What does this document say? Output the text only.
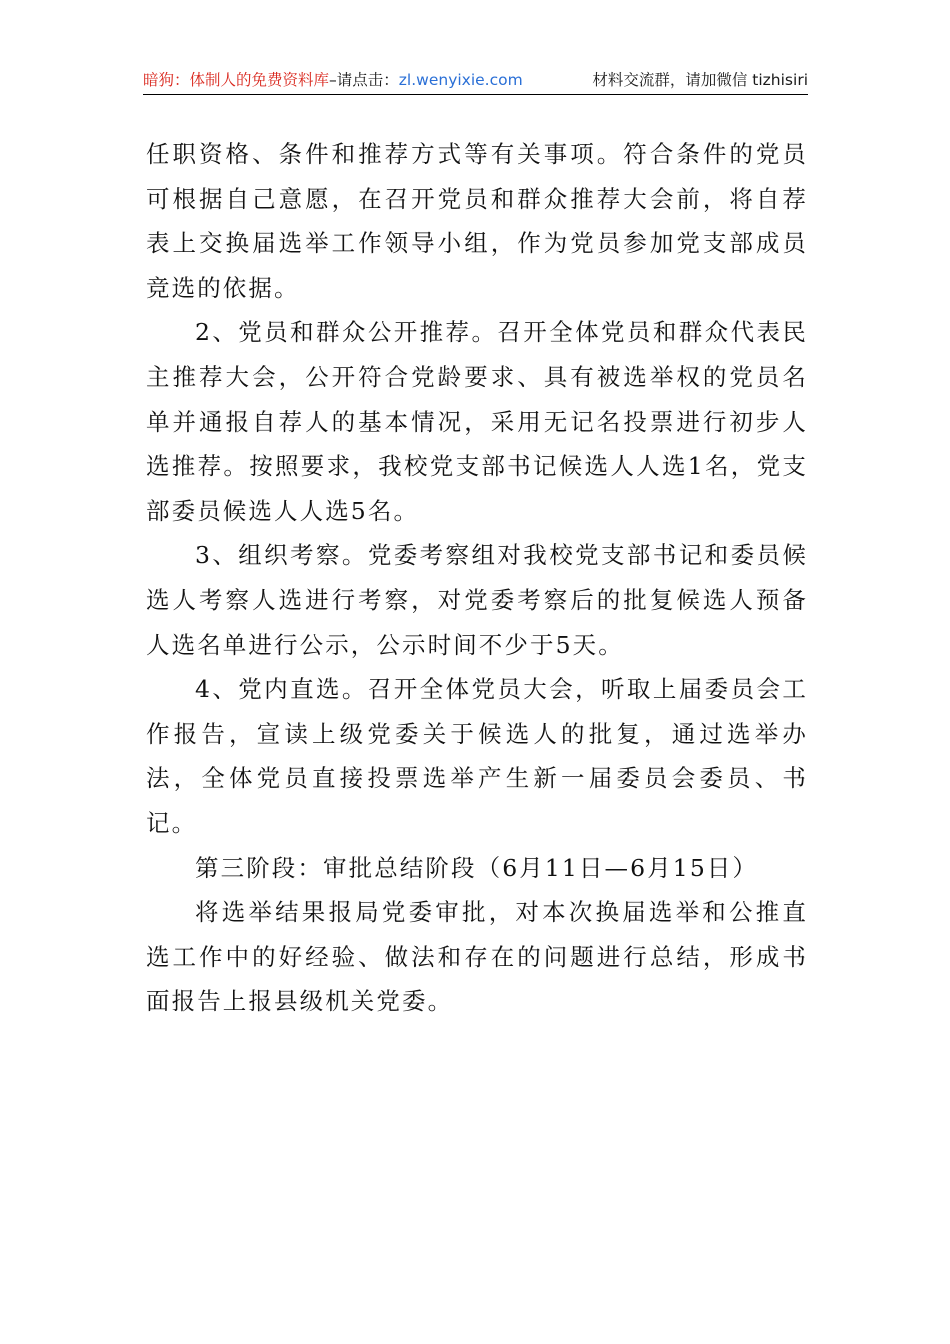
暗狗：体制人的免费资料库–请点击：zl.wenyixie.com	材料交流群，请加微信 tizhisiri

任职资格、条件和推荐方式等有关事项。符合条件的党员可根据自己意愿，在召开党员和群众推荐大会前，将自荐表上交换届选举工作领导小组，作为党员参加党支部成员竞选的依据。

2、党员和群众公开推荐。召开全体党员和群众代表民主推荐大会，公开符合党龄要求、具有被选举权的党员名单并通报自荐人的基本情况，采用无记名投票进行初步人选推荐。按照要求，我校党支部书记候选人人选1名，党支部委员候选人人选5名。

3、组织考察。党委考察组对我校党支部书记和委员候选人考察人选进行考察，对党委考察后的批复候选人预备人选名单进行公示，公示时间不少于5天。

4、党内直选。召开全体党员大会，听取上届委员会工作报告，宣读上级党委关于候选人的批复，通过选举办法，全体党员直接投票选举产生新一届委员会委员、书记。

第三阶段：审批总结阶段（6月11日—6月15日）

将选举结果报局党委审批，对本次换届选举和公推直选工作中的好经验、做法和存在的问题进行总结，形成书面报告上报县级机关党委。
